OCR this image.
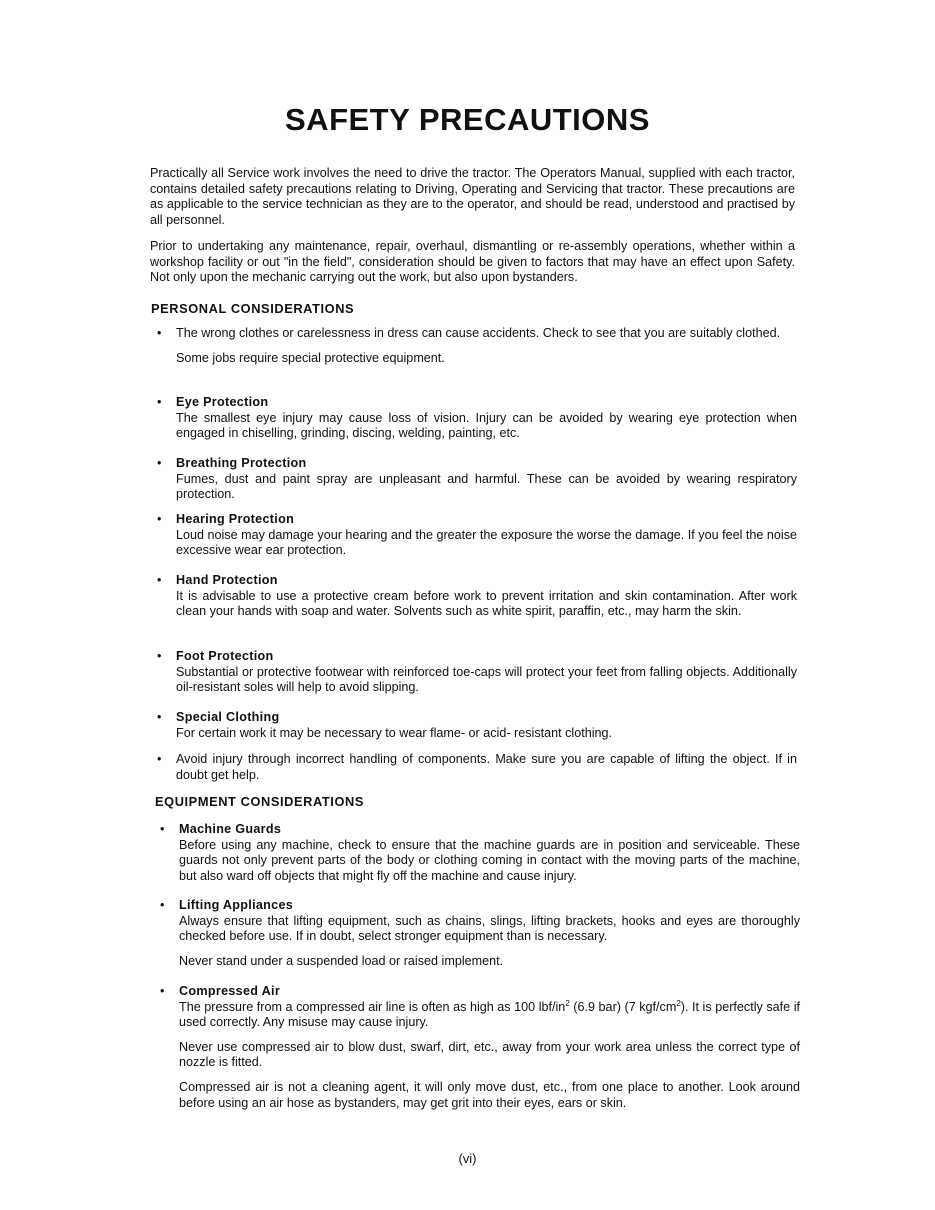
SAFETY PRECAUTIONS

Practically all Service work involves the need to drive the tractor. The Operators Manual, supplied with each tractor, contains detailed safety precautions relating to Driving, Operating and Servicing that tractor. These precautions are as applicable to the service technician as they are to the operator, and should be read, understood and practised by all personnel.

Prior to undertaking any maintenance, repair, overhaul, dismantling or re-assembly operations, whether within a workshop facility or out "in the field", consideration should be given to factors that may have an effect upon Safety. Not only upon the mechanic carrying out the work, but also upon bystanders.

PERSONAL CONSIDERATIONS
•	The wrong clothes or carelessness in dress can cause accidents. Check to see that you are suitably clothed.

Some jobs require special protective equipment.

•	Eye Protection

The smallest eye injury may cause loss of vision. Injury can be avoided by wearing eye protection when engaged in chiselling, grinding, discing, welding, painting, etc.

•	Breathing Protection

Fumes, dust and paint spray are unpleasant and harmful. These can be avoided by wearing respiratory protection.

•	Hearing Protection

Loud noise may damage your hearing and the greater the exposure the worse the damage. If you feel the noise excessive wear ear protection.

•	Hand Protection

It is advisable to use a protective cream before work to prevent irritation and skin contamination. After work clean your hands with soap and water. Solvents such as white spirit, paraffin, etc., may harm the skin.

•	Foot Protection

Substantial or protective footwear with reinforced toe-caps will protect your feet from falling objects. Additionally oil-resistant soles will help to avoid slipping.

•	Special Clothing

For certain work it may be necessary to wear flame- or acid- resistant clothing.

•	Avoid injury through incorrect handling of components. Make sure you are capable of lifting the object. If in doubt get help.

EQUIPMENT CONSIDERATIONS
•	Machine Guards

Before using any machine, check to ensure that the machine guards are in position and serviceable. These guards not only prevent parts of the body or clothing coming in contact with the moving parts of the machine, but also ward off objects that might fly off the machine and cause injury.

•	Lifting Appliances

Always ensure that lifting equipment, such as chains, slings, lifting brackets, hooks and eyes are thoroughly checked before use. If in doubt, select stronger equipment than is necessary.

Never stand under a suspended load or raised implement.

•	Compressed Air

The pressure from a compressed air line is often as high as 100 lbf/$in^2$ (6.9 bar) (7 kgf/$cm^2$). It is perfectly safe if used correctly. Any misuse may cause injury.

Never use compressed air to blow dust, swarf, dirt, etc., away from your work area unless the correct type of nozzle is fitted.

Compressed air is not a cleaning agent, it will only move dust, etc., from one place to another. Look around before using an air hose as bystanders, may get grit into their eyes, ears or skin.

(vi)
